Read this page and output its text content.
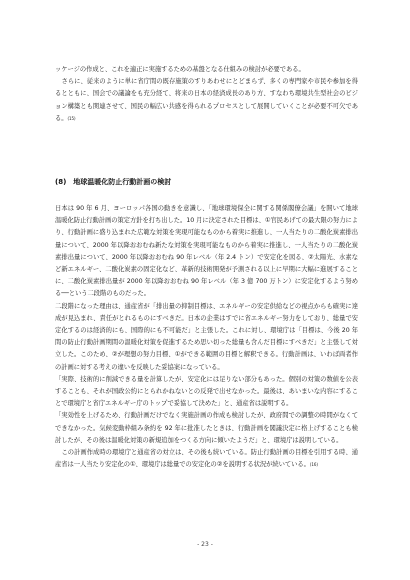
ッケージの作成と、これを適正に実施するための基盤となる仕組みの検討が必要である。

さらに、従来のように単に省庁間の既存施策のすりあわせにとどまらず、多くの専門家や市民や参加を得るとともに、国会での議論をも充分経て、将来の日本の経済成長のあり方、すなわち環境共生型社会のビジョン構築とも関連させて、国民の幅広い共感を得られるプロセスとして展開していくことが必要不可欠である。(15)

(8)　地球温暖化防止行動計画の検討

日本は 90 年 6 月、ヨーロッパ各国の動きを意識し、「地球環境保全に関する関係閣僚会議」を開いて地球温暖化防止行動計画の策定方針を打ち出した。10 月に決定された目標は、①官民あげての最大限の努力により、行動計画に盛り込まれた広範な対策を実現可能なものから着実に推進し、一人当たりの二酸化炭素排出量について、2000 年以降おおむね新たな対策を実現可能なものから着実に推進し、一人当たりの二酸化炭素排出量について、2000 年以降おおむね 90 年レベル（年 2.4 トン）で安定化を図る、②太陽光、水素など新エネルギー、二酸化炭素の固定化など、革新的技術開発が予測される以上に早期に大幅に進展することに、二酸化炭素排出量が 2000 年以降おおむね 90 年レベル（年 3 億 700 万トン）に安定化するよう努める──という二段階のものだった。

二段階になった理由は、通産省が「排出量の抑制目標は、エネルギーの安定供給などの視点からも確実に達成が見込まれ、責任がとれるものにすべきだ。日本の企業はすでに省エネルギー努力をしており、総量で安定化するのは経済的にも、国際的にも不可能だ」と主張した。これに対し、環境庁は「目標は、今後 20 年間の防止行動計画期間の温暖化対策を促進するため思い切った総量も含んだ目標にすべきだ」と主張して対立した。このため、②が理想の努力目標、①ができる範囲の目標と解釈できる。行動計画は、いわば両者作の計画に対する考えの違いを反映した妥協案になっている。

「実際、技術的に削減できる量を計算したが、安定化には足りない部分もあった。個別の対策の数値を公表することも、それが国政公約にとられかねないとの反発で出せなかった。最後は、あいまいな内容にすることで環境庁と省庁エネルギー庁のトップで妥協して決めた」と、通産省は説明する。

「実効性を上げるため、行動計画だけでなく実施計画の作成も検討したが、政府間での調整の時間がなくてできなかった。気候変動枠組み条約を 92 年に批准したときは、行動計画を閣議決定に格上げすることも検討したが、その後は温暖化対策の新規追加をつくる方向に傾いたようだ」と、環境庁は説明している。

この計画作成時の環境庁と通産省の対立は、その後も続いている。防止行動計画の目標を引用する時、通産省は一人当たり安定化の①、環境庁は総量での安定化の②を説明する状況が続いている。(16)

- 23 -
